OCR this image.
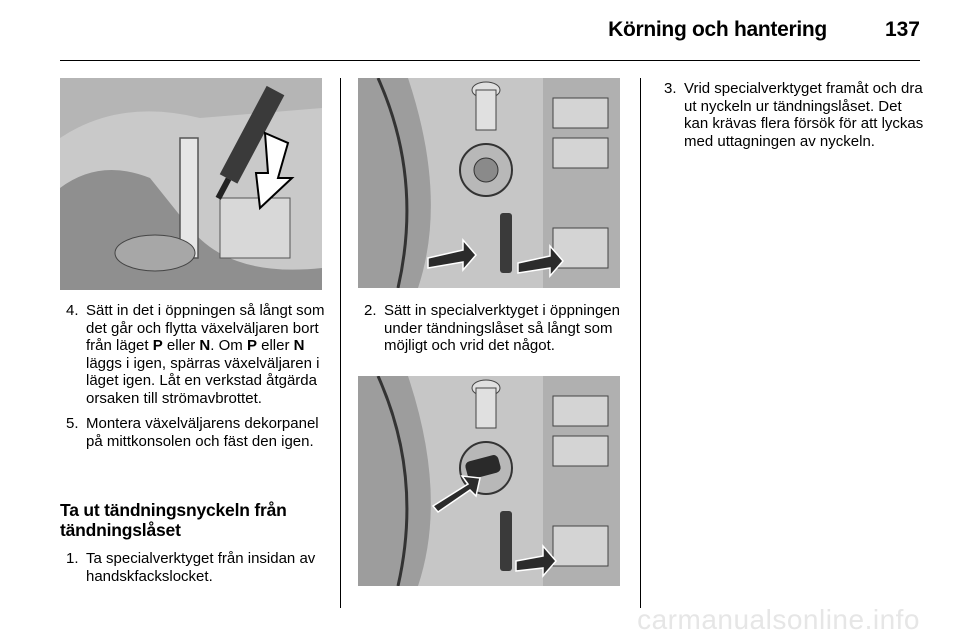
Körning och hantering	137
4. Sätt in det i öppningen så långt som det går och flytta växelväljaren bort från läget P eller N. Om P eller N läggs i igen, spärras växelväljaren i läget igen. Låt en verkstad åtgärda orsaken till strömavbrottet.
5. Montera växelväljarens dekorpanel på mittkonsolen och fäst den igen.
Ta ut tändningsnyckeln från tändningslåset
1. Ta specialverktyget från insidan av handskfackslocket.
2. Sätt in specialverktyget i öppningen under tändningslåset så långt som möjligt och vrid det något.
3. Vrid specialverktyget framåt och dra ut nyckeln ur tändningslåset. Det kan krävas flera försök för att lyckas med uttagningen av nyckeln.
carmanualsonline.info
